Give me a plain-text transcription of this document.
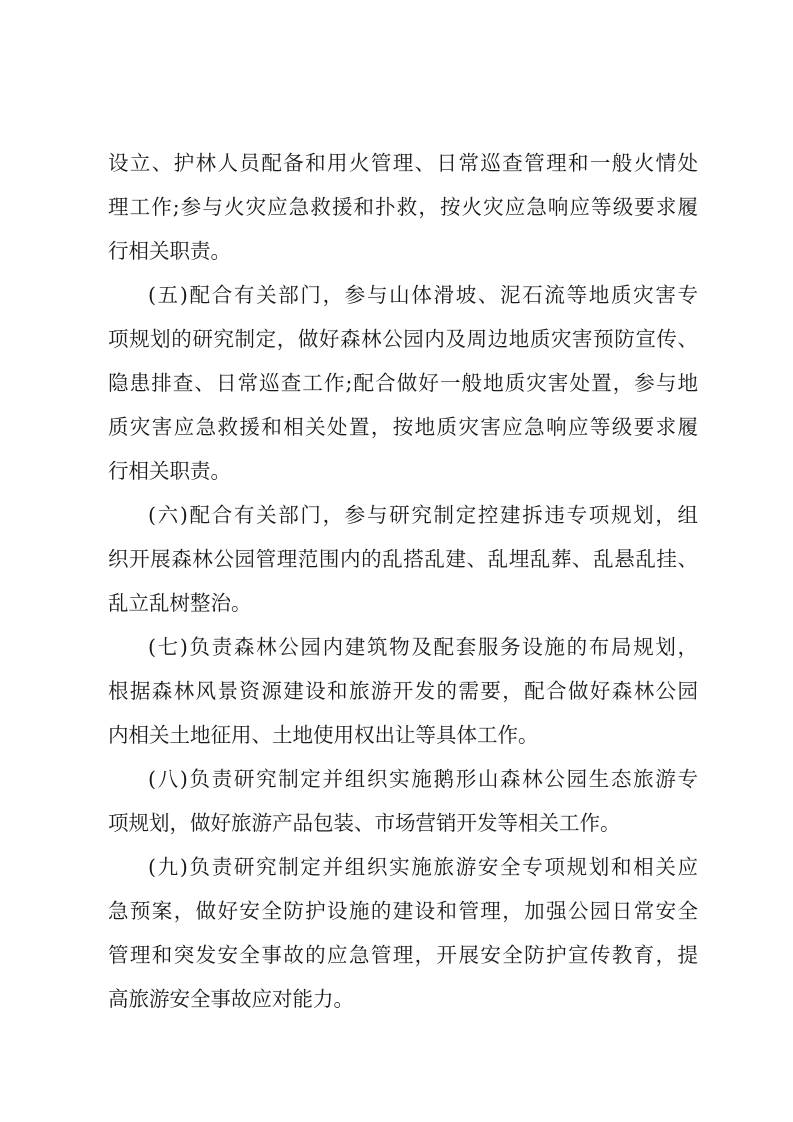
设立、护林人员配备和用火管理、日常巡查管理和一般火情处
理工作;参与火灾应急救援和扑救，按火灾应急响应等级要求履
行相关职责。
(五)配合有关部门，参与山体滑坡、泥石流等地质灾害专
项规划的研究制定，做好森林公园内及周边地质灾害预防宣传、
隐患排查、日常巡查工作;配合做好一般地质灾害处置，参与地
质灾害应急救援和相关处置，按地质灾害应急响应等级要求履
行相关职责。
(六)配合有关部门，参与研究制定控建拆违专项规划，组
织开展森林公园管理范围内的乱搭乱建、乱埋乱葬、乱悬乱挂、
乱立乱树整治。
(七)负责森林公园内建筑物及配套服务设施的布局规划，
根据森林风景资源建设和旅游开发的需要，配合做好森林公园
内相关土地征用、土地使用权出让等具体工作。
(八)负责研究制定并组织实施鹅形山森林公园生态旅游专
项规划，做好旅游产品包装、市场营销开发等相关工作。
(九)负责研究制定并组织实施旅游安全专项规划和相关应
急预案，做好安全防护设施的建设和管理，加强公园日常安全
管理和突发安全事故的应急管理，开展安全防护宣传教育，提
高旅游安全事故应对能力。
